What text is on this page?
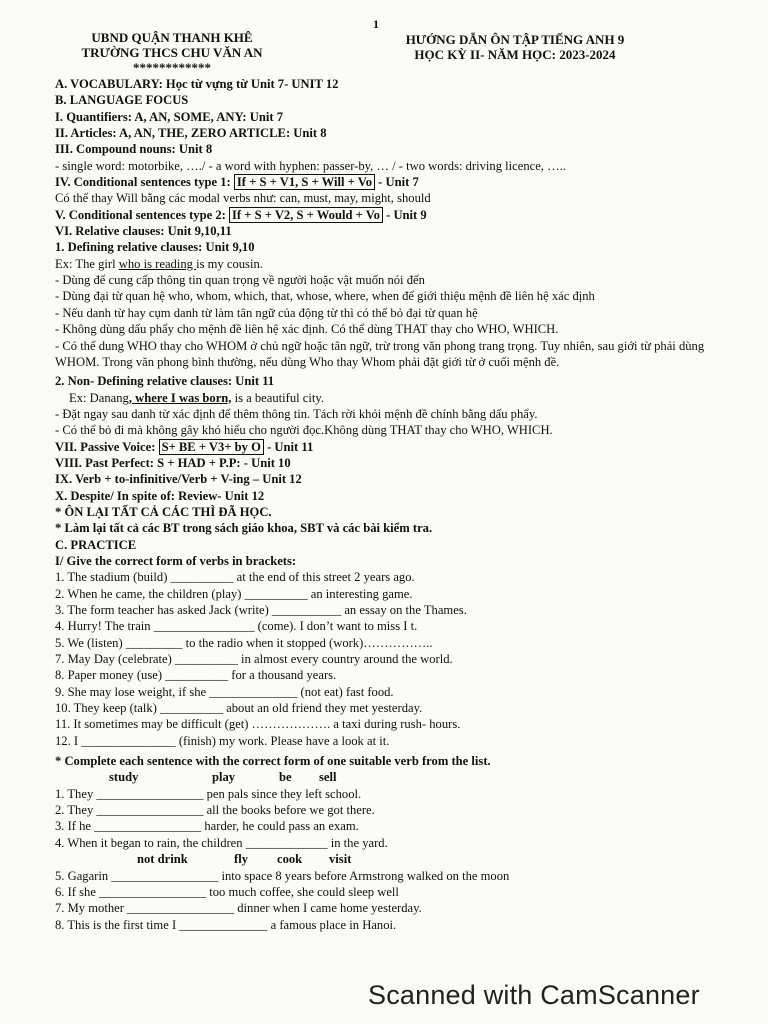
1
UBND QUẬN THANH KHÊ
TRƯỜNG THCS CHU VĂN AN
************
HƯỚNG DẪN ÔN TẬP TIẾNG ANH 9
HỌC KỲ II- NĂM HỌC: 2023-2024
A. VOCABULARY: Học từ vựng từ Unit 7- UNIT 12
B. LANGUAGE FOCUS
I. Quantifiers: A, AN, SOME, ANY: Unit 7
II. Articles: A, AN, THE, ZERO ARTICLE: Unit 8
III. Compound nouns: Unit 8
- single word: motorbike, …./ - a word with hyphen: passer-by, … / - two words: driving licence, …..
IV. Conditional sentences type 1: If + S + V1, S + Will + Vo - Unit 7
Có thể thay Will bằng các modal verbs như: can, must, may, might, should
V. Conditional sentences type 2: If + S + V2, S + Would + Vo - Unit 9
VI. Relative clauses: Unit 9,10,11
1. Defining relative clauses: Unit 9,10
Ex: The girl who is reading is my cousin.
- Dùng để cung cấp thông tin quan trọng về người hoặc vật muốn nói đến
- Dùng đại từ quan hệ who, whom, which, that, whose, where, when để giới thiệu mệnh đề liên hệ xác định
- Nếu danh từ hay cụm danh từ làm tân ngữ của động từ thì có thể bỏ đại từ quan hệ
- Không dùng dấu phẩy cho mệnh đề liên hệ xác định. Có thể dùng THAT thay cho WHO, WHICH.
- Có thể dung WHO thay cho WHOM ở chủ ngữ hoặc tân ngữ, trừ trong văn phong trang trọng. Tuy nhiên, sau giới từ phải dùng WHOM. Trong văn phong bình thường, nếu dùng Who thay Whom phải đặt giới từ ở cuối mệnh đề.
2. Non- Defining relative clauses: Unit 11
Ex: Danang, where I was born, is a beautiful city.
- Đặt ngay sau danh từ xác định để thêm thông tin. Tách rời khỏi mệnh đề chính bằng dấu phẩy.
- Có thể bỏ đi mà không gây khó hiểu cho người đọc.Không dùng THAT thay cho WHO, WHICH.
VII. Passive Voice: S+ BE + V3+ by O - Unit 11
VIII. Past Perfect: S + HAD + P.P: - Unit 10
IX. Verb + to-infinitive/Verb + V-ing – Unit 12
X. Despite/ In spite of: Review- Unit 12
* ÔN LẠI TẤT CẢ CÁC THÌ ĐÃ HỌC.
* Làm lại tất cả các BT trong sách giáo khoa, SBT và các bài kiểm tra.
C. PRACTICE
I/ Give the correct form of verbs in brackets:
1. The stadium (build) __________ at the end of this street 2 years ago.
2. When he came, the children (play) __________ an interesting game.
3. The form teacher has asked Jack (write) ___________ an essay on the Thames.
4. Hurry! The train ________________ (come). I don’t want to miss I t.
5. We (listen) _________ to the radio when it stopped (work)……………..
7. May Day (celebrate) __________ in almost every country around the world.
8. Paper money (use) __________ for a thousand years.
9. She may lose weight, if she ______________ (not eat) fast food.
10. They keep (talk) __________ about an old friend they met yesterday.
11. It sometimes may be difficult (get) ………………. a taxi during rush- hours.
12. I _______________ (finish) my work. Please have a look at it.
* Complete each sentence with the correct form of one suitable verb from the list.
study	play	be sell
1. They _________________ pen pals since they left school.
2. They _________________ all the books before we got there.
3. If he _________________ harder, he could pass an exam.
4. When it began to rain, the children _____________ in the yard.
not drink	fly cook visit
5. Gagarin _________________ into space 8 years before Armstrong walked on the moon
6. If she _________________ too much coffee, she could sleep well
7. My mother _________________ dinner when I came home yesterday.
8. This is the first time I ______________ a famous place in Hanoi.
Scanned with CamScanner
